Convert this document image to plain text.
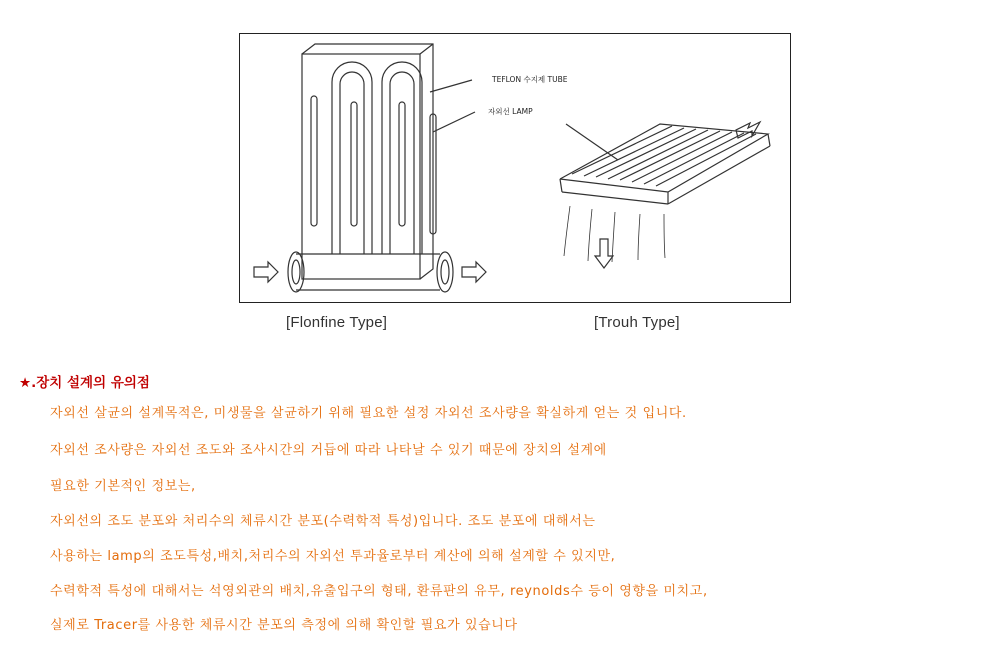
TEFLON 수지제 TUBE
자외선 LAMP
[Flonfine Type]	[Trouh Type]
★.장치 설계의 유의점
자외선 살균의 설계목적은, 미생물을 살균하기 위해 필요한 설정 자외선 조사량을 확실하게 얻는 것 입니다.
자외선 조사량은 자외선 조도와 조사시간의 거듭에 따라 나타날 수 있기 때문에 장치의 설계에
필요한 기본적인 정보는,
자외선의 조도 분포와 처리수의 체류시간 분포(수력학적 특성)입니다. 조도 분포에 대해서는
사용하는 lamp의 조도특성,배치,처리수의 자외선 투과율로부터 계산에 의해 설계할 수 있지만,
수력학적 특성에 대해서는 석영외관의 배치,유출입구의 형태, 환류판의 유무, reynolds수 등이 영향을 미치고,
실제로 Tracer를 사용한 체류시간 분포의 측정에 의해 확인할 필요가 있습니다
